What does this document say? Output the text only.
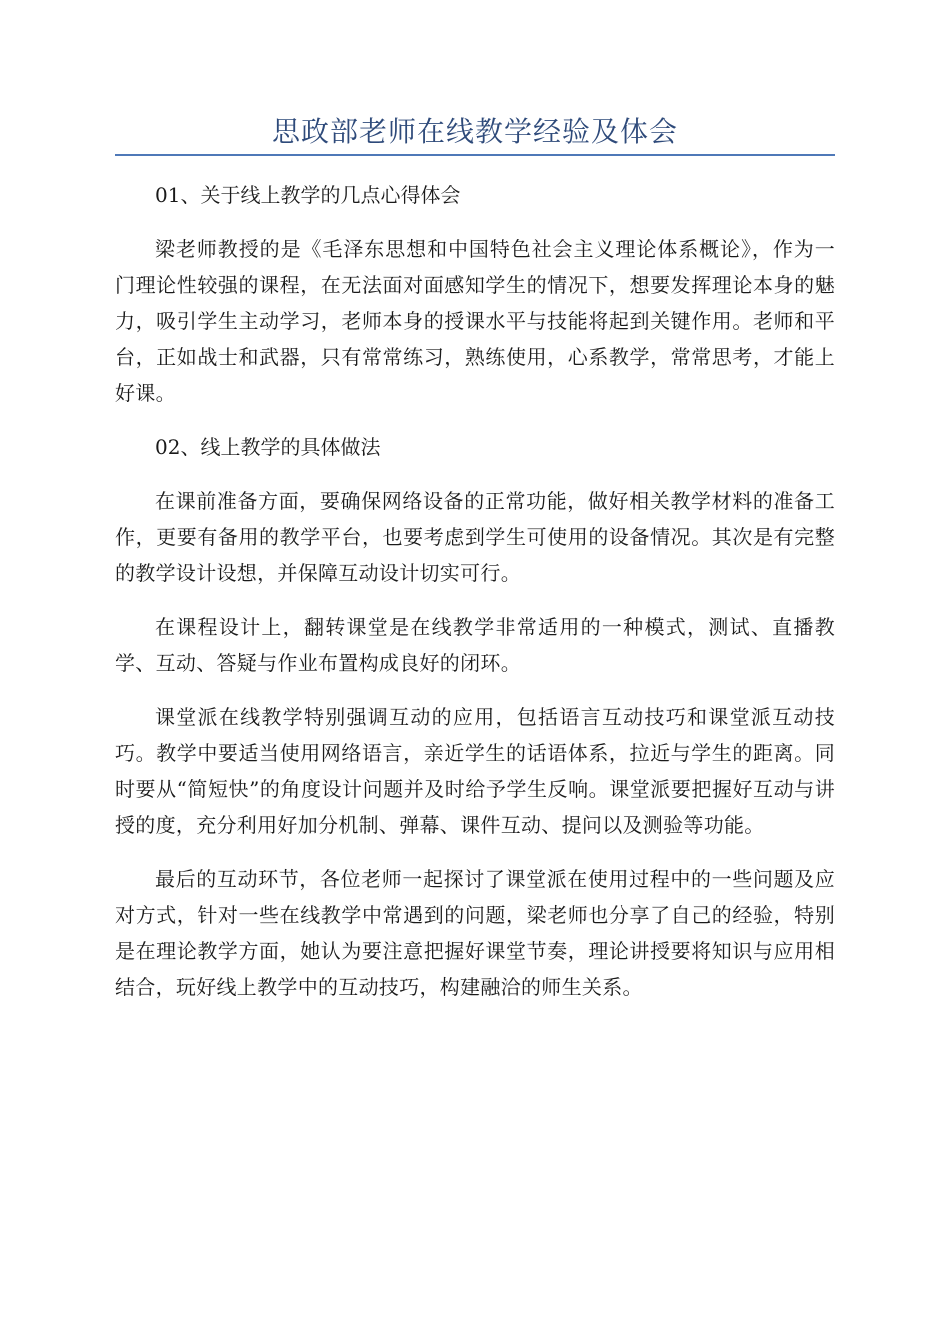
思政部老师在线教学经验及体会

01、关于线上教学的几点心得体会

梁老师教授的是《毛泽东思想和中国特色社会主义理论体系概论》，作为一门理论性较强的课程，在无法面对面感知学生的情况下，想要发挥理论本身的魅力，吸引学生主动学习，老师本身的授课水平与技能将起到关键作用。老师和平台，正如战士和武器，只有常常练习，熟练使用，心系教学，常常思考，才能上好课。

02、线上教学的具体做法

在课前准备方面，要确保网络设备的正常功能，做好相关教学材料的准备工作，更要有备用的教学平台，也要考虑到学生可使用的设备情况。其次是有完整的教学设计设想，并保障互动设计切实可行。

在课程设计上，翻转课堂是在线教学非常适用的一种模式，测试、直播教学、互动、答疑与作业布置构成良好的闭环。

课堂派在线教学特别强调互动的应用，包括语言互动技巧和课堂派互动技巧。教学中要适当使用网络语言，亲近学生的话语体系，拉近与学生的距离。同时要从“简短快”的角度设计问题并及时给予学生反响。课堂派要把握好互动与讲授的度，充分利用好加分机制、弹幕、课件互动、提问以及测验等功能。

最后的互动环节，各位老师一起探讨了课堂派在使用过程中的一些问题及应对方式，针对一些在线教学中常遇到的问题，梁老师也分享了自己的经验，特别是在理论教学方面，她认为要注意把握好课堂节奏，理论讲授要将知识与应用相结合，玩好线上教学中的互动技巧，构建融洽的师生关系。
